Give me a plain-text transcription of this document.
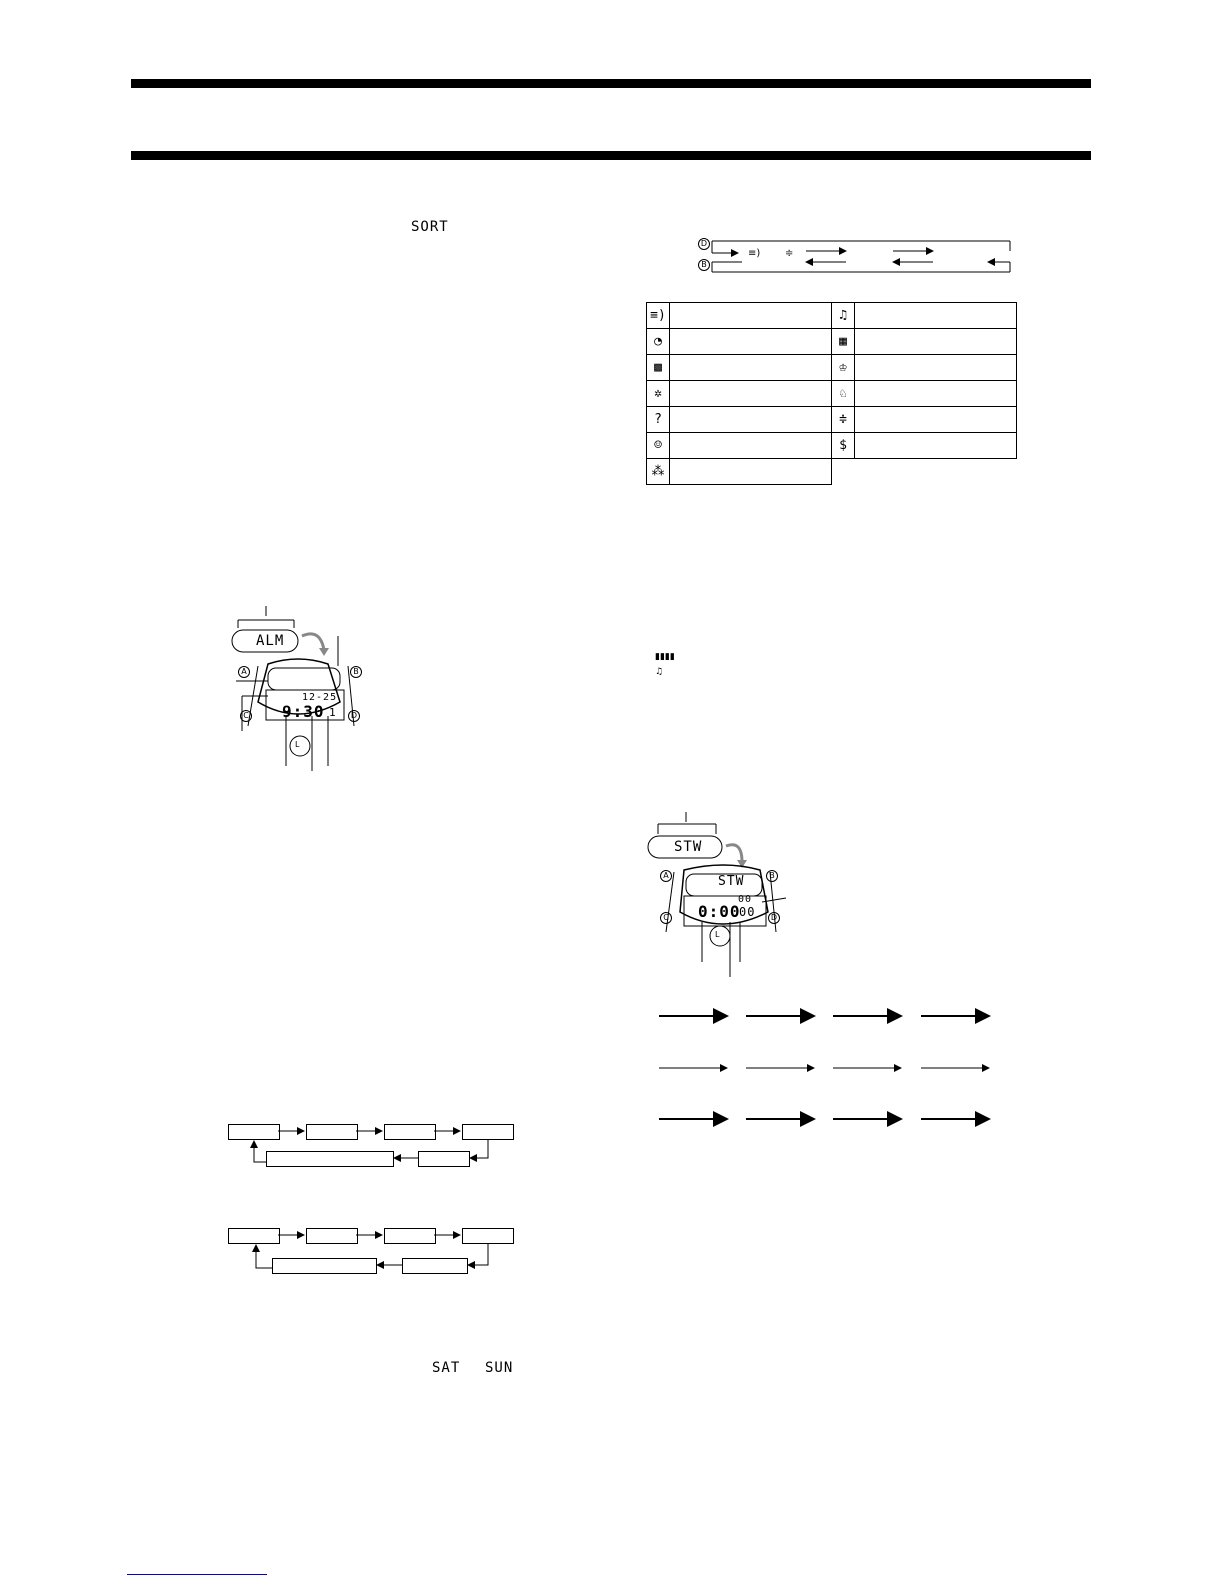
SORT
D
B
≡) ≑
≡)		♫	
◔		▦	
▩		♔	
✲		♘	
?		≑	
☺		$	
⁂			
▮▮▮▮
♫
ALM
12-25
9:30 1
A	B
C	D
L
STW
STW
00
0:00
00
A	B
C	D
L
SAT SUN
